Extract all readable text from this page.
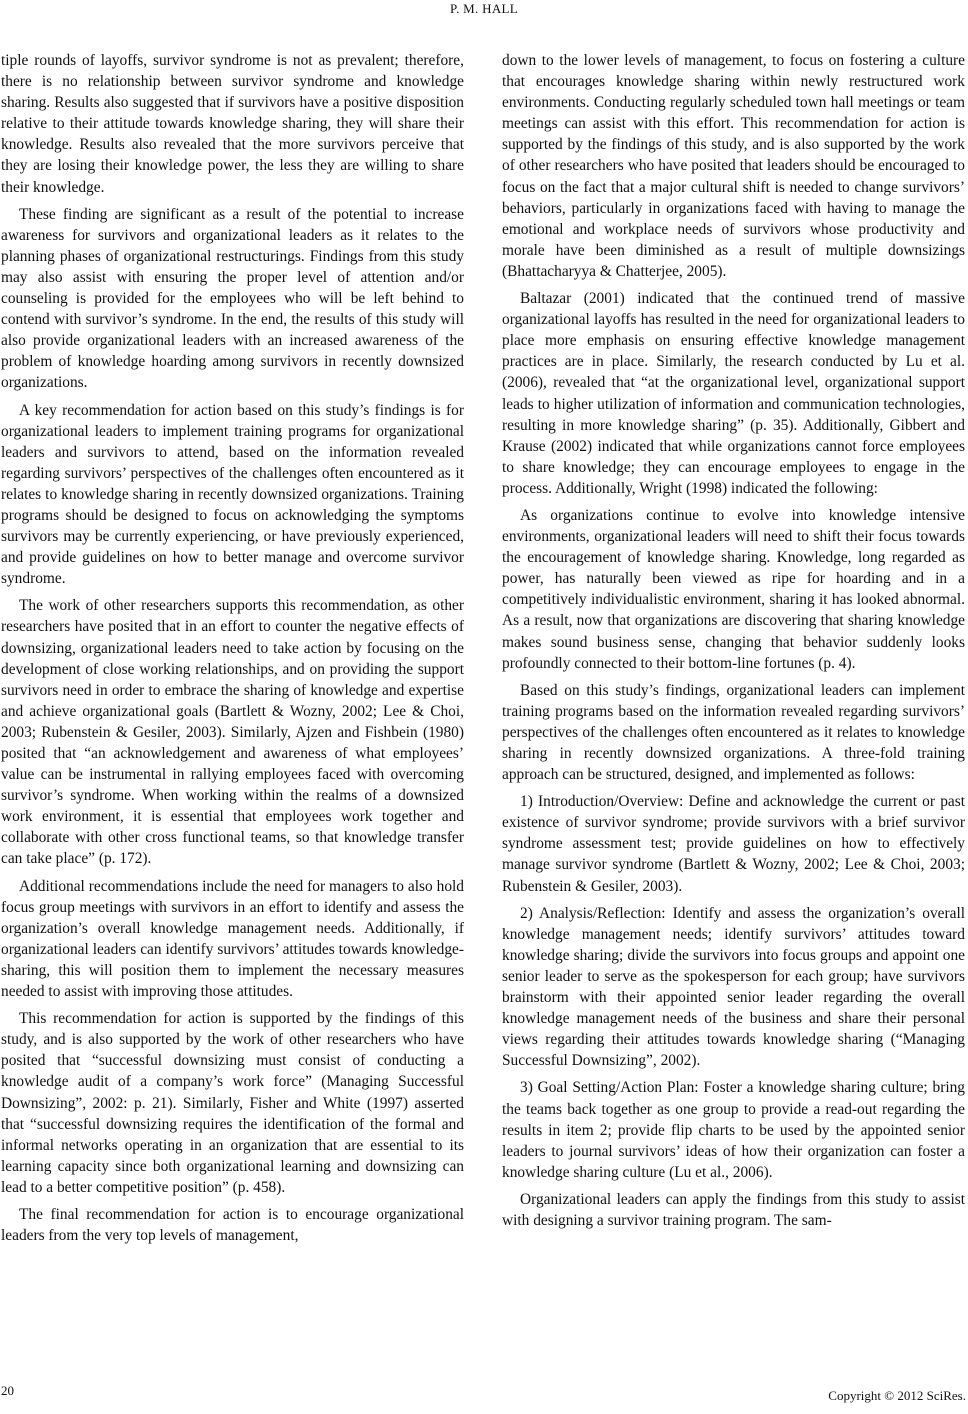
P. M. HALL

tiple rounds of layoffs, survivor syndrome is not as prevalent; therefore, there is no relationship between survivor syndrome and knowledge sharing. Results also suggested that if survivors have a positive disposition relative to their attitude towards knowledge sharing, they will share their knowledge. Results also revealed that the more survivors perceive that they are losing their knowledge power, the less they are willing to share their knowledge.

These finding are significant as a result of the potential to increase awareness for survivors and organizational leaders as it relates to the planning phases of organizational restructurings. Findings from this study may also assist with ensuring the proper level of attention and/or counseling is provided for the employees who will be left behind to contend with survivor’s syndrome. In the end, the results of this study will also provide organizational leaders with an increased awareness of the problem of knowledge hoarding among survivors in recently downsized organizations.

A key recommendation for action based on this study’s findings is for organizational leaders to implement training programs for organizational leaders and survivors to attend, based on the information revealed regarding survivors’ perspectives of the challenges often encountered as it relates to knowledge sharing in recently downsized organizations. Training programs should be designed to focus on acknowledging the symptoms survivors may be currently experiencing, or have previously experienced, and provide guidelines on how to better manage and overcome survivor syndrome.

The work of other researchers supports this recommendation, as other researchers have posited that in an effort to counter the negative effects of downsizing, organizational leaders need to take action by focusing on the development of close working relationships, and on providing the support survivors need in order to embrace the sharing of knowledge and expertise and achieve organizational goals (Bartlett & Wozny, 2002; Lee & Choi, 2003; Rubenstein & Gesiler, 2003). Similarly, Ajzen and Fishbein (1980) posited that “an acknowledgement and awareness of what employees’ value can be instrumental in rallying employees faced with overcoming survivor’s syndrome. When working within the realms of a downsized work environment, it is essential that employees work together and collaborate with other cross functional teams, so that knowledge transfer can take place” (p. 172).

Additional recommendations include the need for managers to also hold focus group meetings with survivors in an effort to identify and assess the organization’s overall knowledge management needs. Additionally, if organizational leaders can identify survivors’ attitudes towards knowledge-sharing, this will position them to implement the necessary measures needed to assist with improving those attitudes.

This recommendation for action is supported by the findings of this study, and is also supported by the work of other researchers who have posited that “successful downsizing must consist of conducting a knowledge audit of a company’s work force” (Managing Successful Downsizing”, 2002: p. 21). Similarly, Fisher and White (1997) asserted that “successful downsizing requires the identification of the formal and informal networks operating in an organization that are essential to its learning capacity since both organizational learning and downsizing can lead to a better competitive position” (p. 458).

The final recommendation for action is to encourage organizational leaders from the very top levels of management,

down to the lower levels of management, to focus on fostering a culture that encourages knowledge sharing within newly restructured work environments. Conducting regularly scheduled town hall meetings or team meetings can assist with this effort. This recommendation for action is supported by the findings of this study, and is also supported by the work of other researchers who have posited that leaders should be encouraged to focus on the fact that a major cultural shift is needed to change survivors’ behaviors, particularly in organizations faced with having to manage the emotional and workplace needs of survivors whose productivity and morale have been diminished as a result of multiple downsizings (Bhattacharyya & Chatterjee, 2005).

Baltazar (2001) indicated that the continued trend of massive organizational layoffs has resulted in the need for organizational leaders to place more emphasis on ensuring effective knowledge management practices are in place. Similarly, the research conducted by Lu et al. (2006), revealed that “at the organizational level, organizational support leads to higher utilization of information and communication technologies, resulting in more knowledge sharing” (p. 35). Additionally, Gibbert and Krause (2002) indicated that while organizations cannot force employees to share knowledge; they can encourage employees to engage in the process. Additionally, Wright (1998) indicated the following:

As organizations continue to evolve into knowledge intensive environments, organizational leaders will need to shift their focus towards the encouragement of knowledge sharing. Knowledge, long regarded as power, has naturally been viewed as ripe for hoarding and in a competitively individualistic environment, sharing it has looked abnormal. As a result, now that organizations are discovering that sharing knowledge makes sound business sense, changing that behavior suddenly looks profoundly connected to their bottom-line fortunes (p. 4).

Based on this study’s findings, organizational leaders can implement training programs based on the information revealed regarding survivors’ perspectives of the challenges often encountered as it relates to knowledge sharing in recently downsized organizations. A three-fold training approach can be structured, designed, and implemented as follows:

1) Introduction/Overview: Define and acknowledge the current or past existence of survivor syndrome; provide survivors with a brief survivor syndrome assessment test; provide guidelines on how to effectively manage survivor syndrome (Bartlett & Wozny, 2002; Lee & Choi, 2003; Rubenstein & Gesiler, 2003).

2) Analysis/Reflection: Identify and assess the organization’s overall knowledge management needs; identify survivors’ attitudes toward knowledge sharing; divide the survivors into focus groups and appoint one senior leader to serve as the spokesperson for each group; have survivors brainstorm with their appointed senior leader regarding the overall knowledge management needs of the business and share their personal views regarding their attitudes towards knowledge sharing (“Managing Successful Downsizing”, 2002).

3) Goal Setting/Action Plan: Foster a knowledge sharing culture; bring the teams back together as one group to provide a read-out regarding the results in item 2; provide flip charts to be used by the appointed senior leaders to journal survivors’ ideas of how their organization can foster a knowledge sharing culture (Lu et al., 2006).

Organizational leaders can apply the findings from this study to assist with designing a survivor training program. The sam-

20	Copyright © 2012 SciRes.
